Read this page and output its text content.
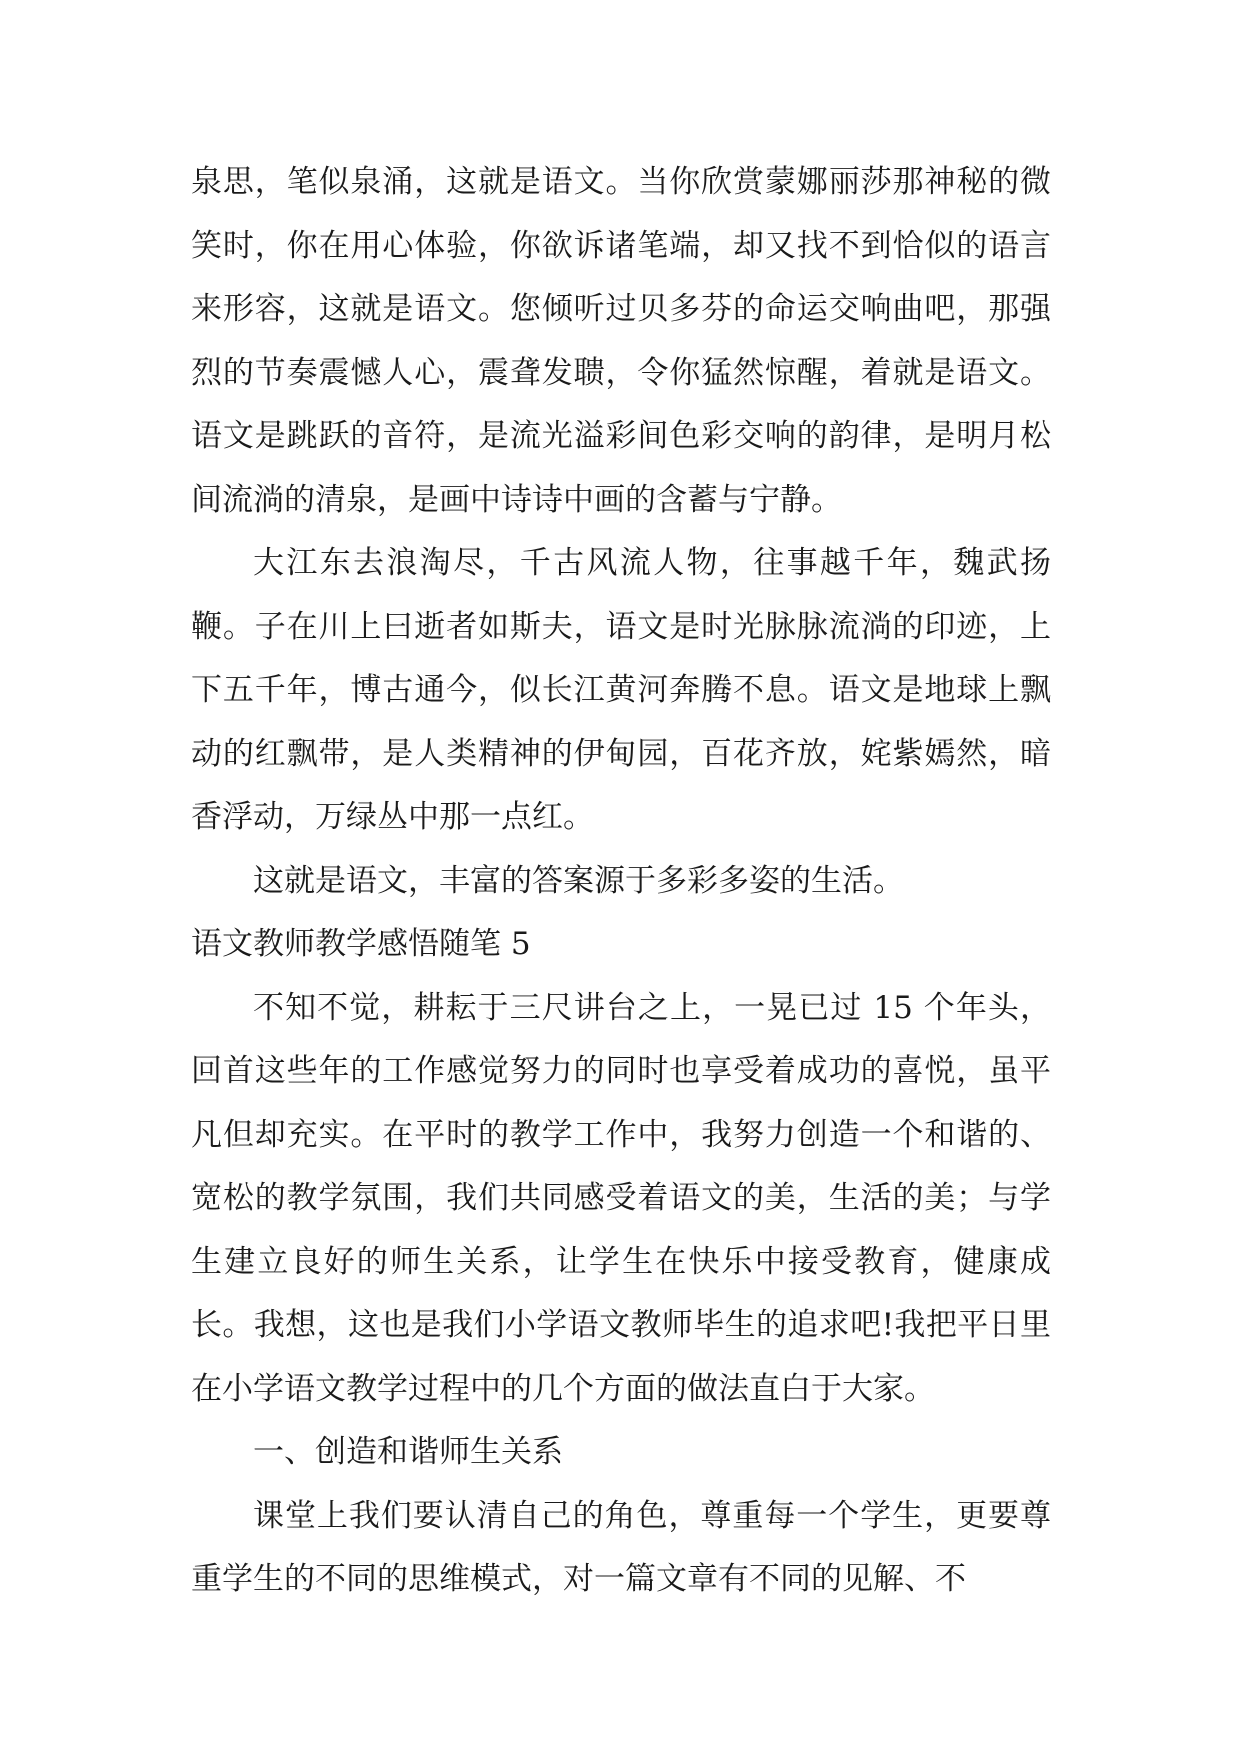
泉思，笔似泉涌，这就是语文。当你欣赏蒙娜丽莎那神秘的微笑时，你在用心体验，你欲诉诸笔端，却又找不到恰似的语言来形容，这就是语文。您倾听过贝多芬的命运交响曲吧，那强烈的节奏震憾人心，震聋发聩，令你猛然惊醒，着就是语文。语文是跳跃的音符，是流光溢彩间色彩交响的韵律，是明月松间流淌的清泉，是画中诗诗中画的含蓄与宁静。

大江东去浪淘尽，千古风流人物，往事越千年，魏武扬鞭。子在川上曰逝者如斯夫，语文是时光脉脉流淌的印迹，上下五千年，博古通今，似长江黄河奔腾不息。语文是地球上飘动的红飘带，是人类精神的伊甸园，百花齐放，姹紫嫣然，暗香浮动，万绿丛中那一点红。

这就是语文，丰富的答案源于多彩多姿的生活。

语文教师教学感悟随笔 5

不知不觉，耕耘于三尺讲台之上，一晃已过 15 个年头，回首这些年的工作感觉努力的同时也享受着成功的喜悦，虽平凡但却充实。在平时的教学工作中，我努力创造一个和谐的、宽松的教学氛围，我们共同感受着语文的美，生活的美；与学生建立良好的师生关系，让学生在快乐中接受教育，健康成长。我想，这也是我们小学语文教师毕生的追求吧!我把平日里在小学语文教学过程中的几个方面的做法直白于大家。

一、创造和谐师生关系

课堂上我们要认清自己的角色，尊重每一个学生，更要尊重学生的不同的思维模式，对一篇文章有不同的见解、不
